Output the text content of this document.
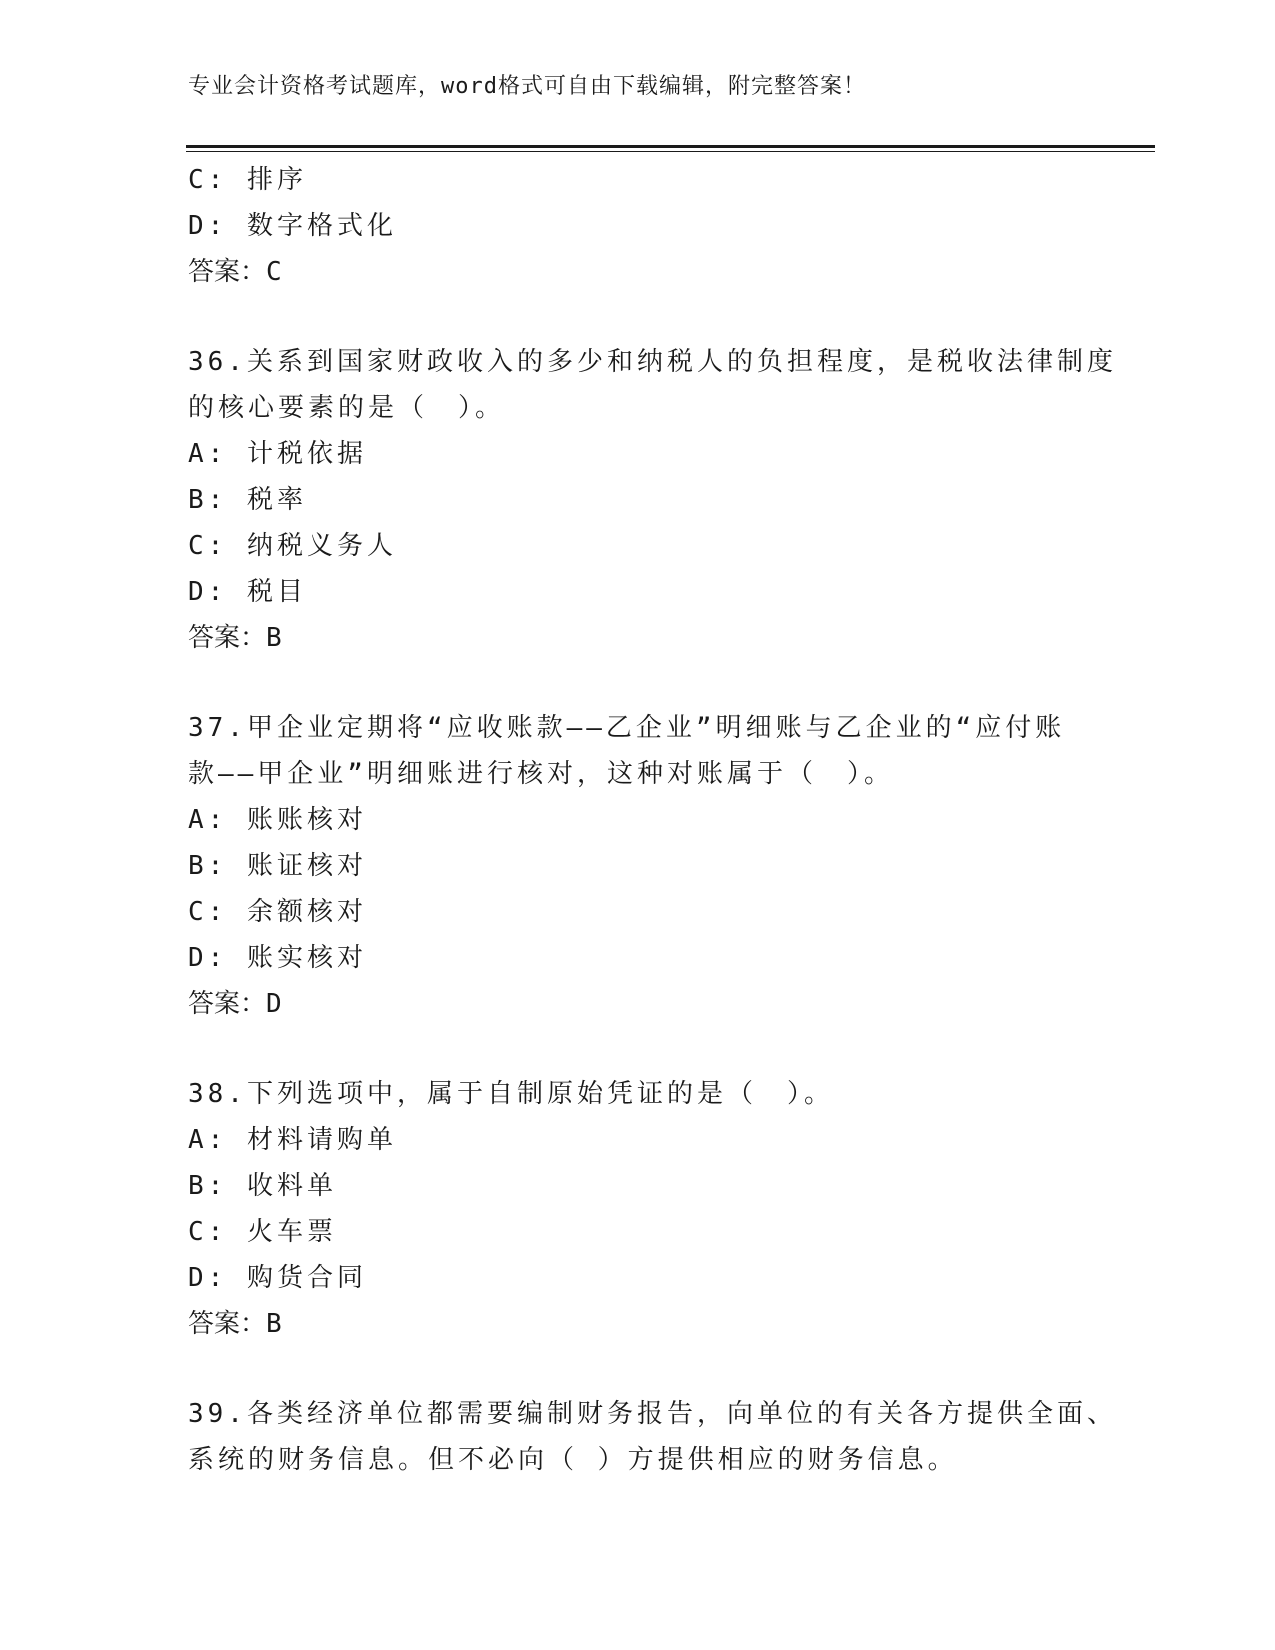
专业会计资格考试题库，word格式可自由下载编辑，附完整答案！
C: 排序
D: 数字格式化
答案：C
36.关系到国家财政收入的多少和纳税人的负担程度，是税收法律制度
的核心要素的是（　）。
A: 计税依据
B: 税率
C: 纳税义务人
D: 税目
答案：B
37.甲企业定期将“应收账款——乙企业”明细账与乙企业的“应付账
款——甲企业”明细账进行核对，这种对账属于（　）。
A: 账账核对
B: 账证核对
C: 余额核对
D: 账实核对
答案：D
38.下列选项中，属于自制原始凭证的是（　）。
A: 材料请购单
B: 收料单
C: 火车票
D: 购货合同
答案：B
39.各类经济单位都需要编制财务报告，向单位的有关各方提供全面、
系统的财务信息。但不必向（ ）方提供相应的财务信息。
